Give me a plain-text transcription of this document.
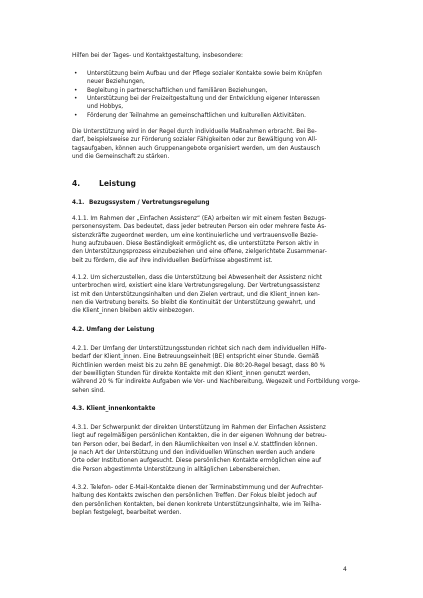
Hilfen bei der Tages- und Kontaktgestaltung, insbesondere:

• Unterstützung beim Aufbau und der Pflege sozialer Kontakte sowie beim Knüpfen
neuer Beziehungen,
• Begleitung in partnerschaftlichen und familiären Beziehungen,
• Unterstützung bei der Freizeitgestaltung und der Entwicklung eigener Interessen
und Hobbys,
• Förderung der Teilnahme an gemeinschaftlichen und kulturellen Aktivitäten.

Die Unterstützung wird in der Regel durch individuelle Maßnahmen erbracht. Bei Be-
darf, beispielsweise zur Förderung sozialer Fähigkeiten oder zur Bewältigung von All-
tagsaufgaben, können auch Gruppenangebote organisiert werden, um den Austausch
und die Gemeinschaft zu stärken.

4. Leistung
4.1. Bezugssystem / Vertretungsregelung

4.1.1. Im Rahmen der „Einfachen Assistenz“ (EA) arbeiten wir mit einem festen Bezugs-
personensystem. Das bedeutet, dass jeder betreuten Person ein oder mehrere feste As-
sistenzkräfte zugeordnet werden, um eine kontinuierliche und vertrauensvolle Bezie-
hung aufzubauen. Diese Beständigkeit ermöglicht es, die unterstützte Person aktiv in
den Unterstützungsprozess einzubeziehen und eine offene, zielgerichtete Zusammenar-
beit zu fördern, die auf ihre individuellen Bedürfnisse abgestimmt ist.

4.1.2. Um sicherzustellen, dass die Unterstützung bei Abwesenheit der Assistenz nicht
unterbrochen wird, existiert eine klare Vertretungsregelung. Der Vertretungsassistenz
ist mit den Unterstützungsinhalten und den Zielen vertraut, und die Klient_innen ken-
nen die Vertretung bereits. So bleibt die Kontinuität der Unterstützung gewahrt, und
die Klient_innen bleiben aktiv einbezogen.

4.2. Umfang der Leistung

4.2.1. Der Umfang der Unterstützungsstunden richtet sich nach dem individuellen Hilfe-
bedarf der Klient_innen. Eine Betreuungseinheit (BE) entspricht einer Stunde. Gemäß
Richtlinien werden meist bis zu zehn BE genehmigt. Die 80:20-Regel besagt, dass 80 %
der bewilligten Stunden für direkte Kontakte mit den Klient_innen genutzt werden,
während 20 % für indirekte Aufgaben wie Vor- und Nachbereitung, Wegezeit und Fortbildung vorge-
sehen sind.

4.3. Klient_innenkontakte

4.3.1. Der Schwerpunkt der direkten Unterstützung im Rahmen der Einfachen Assistenz
liegt auf regelmäßigen persönlichen Kontakten, die in der eigenen Wohnung der betreu-
ten Person oder, bei Bedarf, in den Räumlichkeiten von Insel e.V. stattfinden können.
Je nach Art der Unterstützung und den individuellen Wünschen werden auch andere
Orte oder Institutionen aufgesucht. Diese persönlichen Kontakte ermöglichen eine auf
die Person abgestimmte Unterstützung in alltäglichen Lebensbereichen.

4.3.2. Telefon- oder E-Mail-Kontakte dienen der Terminabstimmung und der Aufrechter-
haltung des Kontakts zwischen den persönlichen Treffen. Der Fokus bleibt jedoch auf
den persönlichen Kontakten, bei denen konkrete Unterstützungsinhalte, wie im Teilha-
beplan festgelegt, bearbeitet werden.

4
